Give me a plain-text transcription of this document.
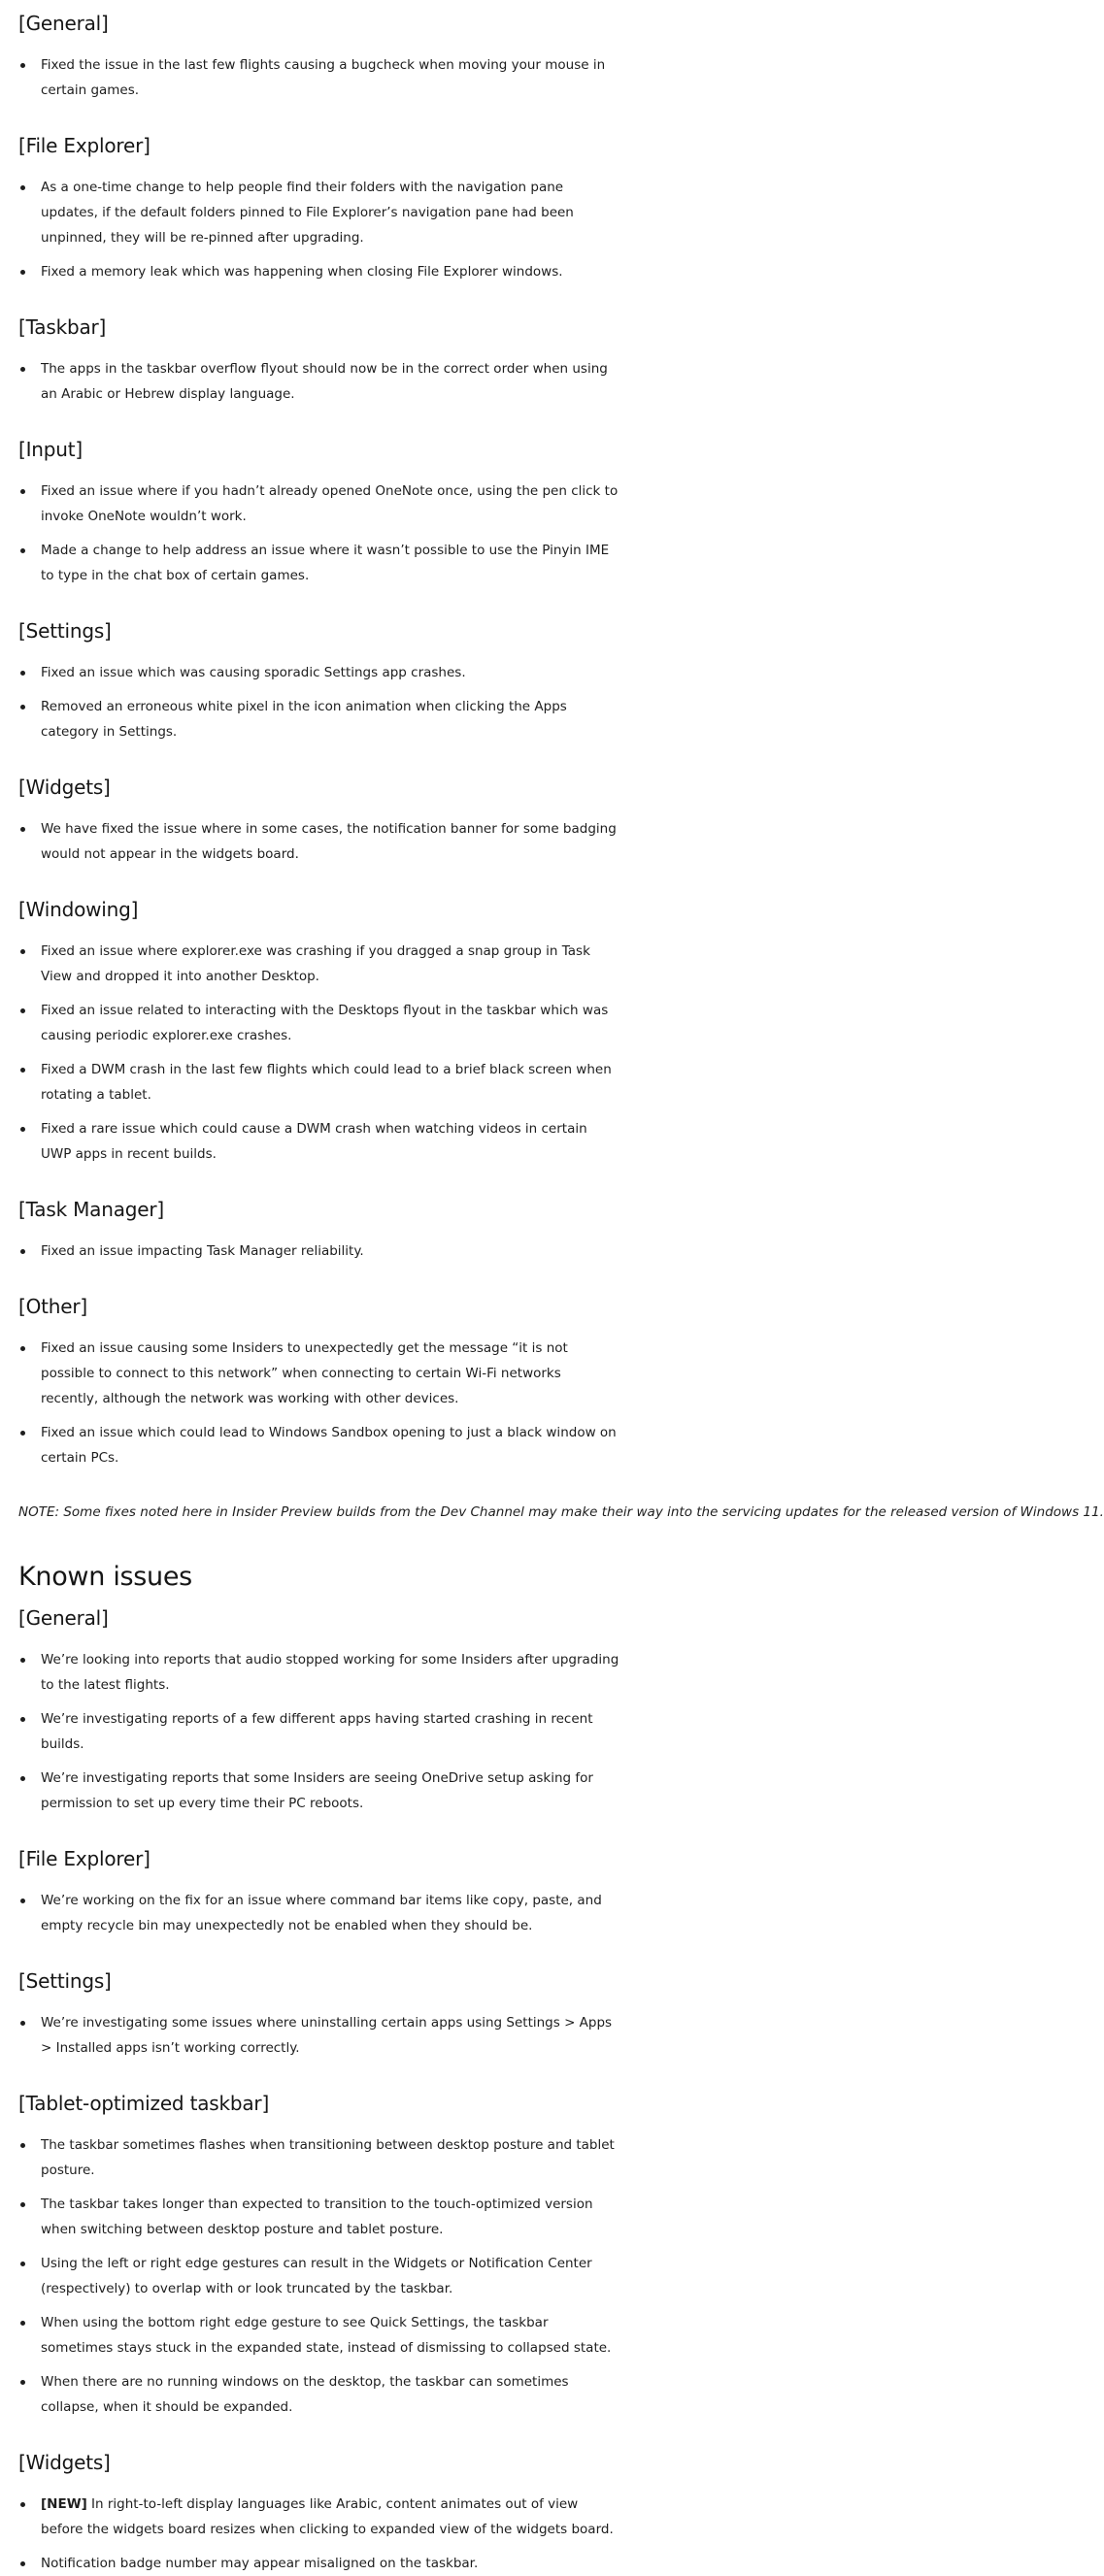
[General]
Fixed the issue in the last few flights causing a bugcheck when moving your mouse in certain games.
[File Explorer]
As a one-time change to help people find their folders with the navigation pane updates, if the default folders pinned to File Explorer’s navigation pane had been unpinned, they will be re-pinned after upgrading.
Fixed a memory leak which was happening when closing File Explorer windows.
[Taskbar]
The apps in the taskbar overflow flyout should now be in the correct order when using an Arabic or Hebrew display language.
[Input]
Fixed an issue where if you hadn’t already opened OneNote once, using the pen click to invoke OneNote wouldn’t work.
Made a change to help address an issue where it wasn’t possible to use the Pinyin IME to type in the chat box of certain games.
[Settings]
Fixed an issue which was causing sporadic Settings app crashes.
Removed an erroneous white pixel in the icon animation when clicking the Apps category in Settings.
[Widgets]
We have fixed the issue where in some cases, the notification banner for some badging would not appear in the widgets board.
[Windowing]
Fixed an issue where explorer.exe was crashing if you dragged a snap group in Task View and dropped it into another Desktop.
Fixed an issue related to interacting with the Desktops flyout in the taskbar which was causing periodic explorer.exe crashes.
Fixed a DWM crash in the last few flights which could lead to a brief black screen when rotating a tablet.
Fixed a rare issue which could cause a DWM crash when watching videos in certain UWP apps in recent builds.
[Task Manager]
Fixed an issue impacting Task Manager reliability.
[Other]
Fixed an issue causing some Insiders to unexpectedly get the message “it is not possible to connect to this network” when connecting to certain Wi-Fi networks recently, although the network was working with other devices.
Fixed an issue which could lead to Windows Sandbox opening to just a black window on certain PCs.

NOTE: Some fixes noted here in Insider Preview builds from the Dev Channel may make their way into the servicing updates for the released version of Windows 11.

Known issues
[General]
We’re looking into reports that audio stopped working for some Insiders after upgrading to the latest flights.
We’re investigating reports of a few different apps having started crashing in recent builds.
We’re investigating reports that some Insiders are seeing OneDrive setup asking for permission to set up every time their PC reboots.
[File Explorer]
We’re working on the fix for an issue where command bar items like copy, paste, and empty recycle bin may unexpectedly not be enabled when they should be.
[Settings]
We’re investigating some issues where uninstalling certain apps using Settings > Apps > Installed apps isn’t working correctly.
[Tablet-optimized taskbar]
The taskbar sometimes flashes when transitioning between desktop posture and tablet posture.
The taskbar takes longer than expected to transition to the touch-optimized version when switching between desktop posture and tablet posture.
Using the left or right edge gestures can result in the Widgets or Notification Center (respectively) to overlap with or look truncated by the taskbar.
When using the bottom right edge gesture to see Quick Settings, the taskbar sometimes stays stuck in the expanded state, instead of dismissing to collapsed state.
When there are no running windows on the desktop, the taskbar can sometimes collapse, when it should be expanded.
[Widgets]
[NEW] In right-to-left display languages like Arabic, content animates out of view before the widgets board resizes when clicking to expanded view of the widgets board.
Notification badge number may appear misaligned on the taskbar.
